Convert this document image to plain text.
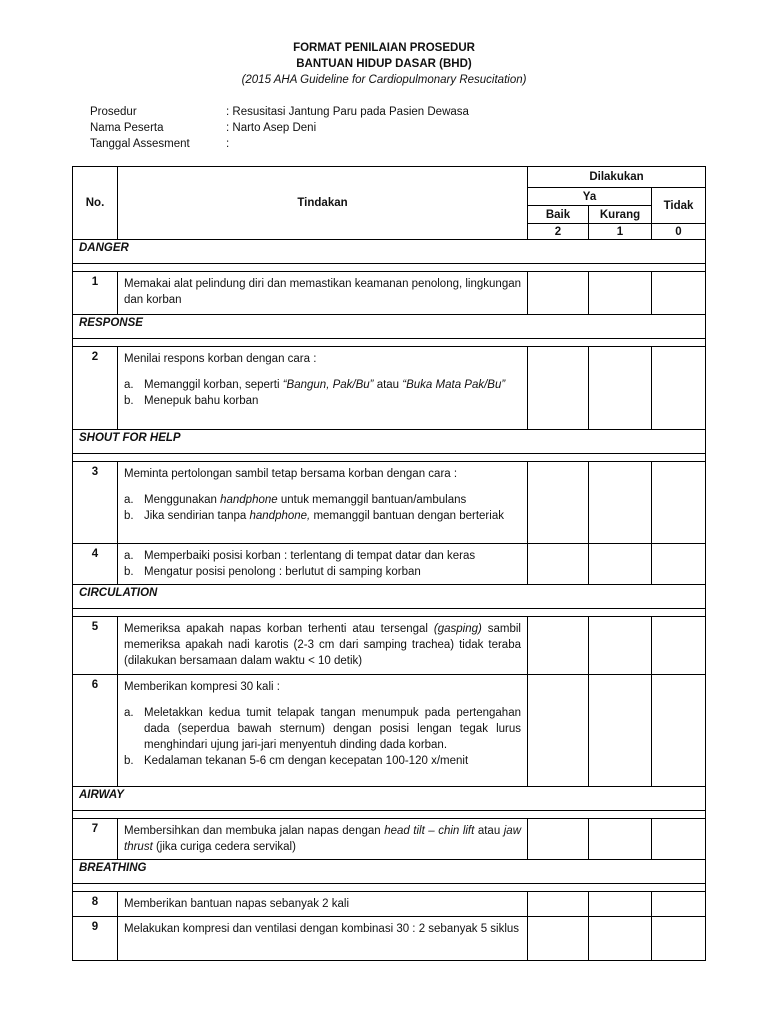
FORMAT PENILAIAN PROSEDUR
BANTUAN HIDUP DASAR (BHD)
(2015 AHA Guideline for Cardiopulmonary Resucitation)
Prosedur	: Resusitasi Jantung Paru pada Pasien Dewasa
Nama Peserta	: Narto Asep Deni
Tanggal Assesment	:
No.	Tindakan	Dilakukan		
		Ya		Tidak
		Baik	Kurang	
		2	1	0
DANGER				

1	Memakai alat pelindung diri dan memastikan keamanan penolong, lingkungan dan korban			
RESPONSE				

2	Menilai respons korban dengan cara :
a. Memanggil korban, seperti “Bangun, Pak/Bu” atau “Buka Mata Pak/Bu”
b. Menepuk bahu korban			

SHOUT FOR HELP				

3	Meminta pertolongan sambil tetap bersama korban dengan cara :
a. Menggunakan handphone untuk memanggil bantuan/ambulans
b. Jika sendirian tanpa handphone, memanggil bantuan dengan berteriak			

4	a. Memperbaiki posisi korban : terlentang di tempat datar dan keras
b. Mengatur posisi penolong : berlutut di samping korban			

CIRCULATION				

5	Memeriksa apakah napas korban terhenti atau tersengal (gasping) sambil memeriksa apakah nadi karotis (2-3 cm dari samping trachea) tidak teraba (dilakukan bersamaan dalam waktu < 10 detik)			
6	Memberikan kompresi 30 kali :
a. Meletakkan kedua tumit telapak tangan menumpuk pada pertengahan dada (seperdua bawah sternum) dengan posisi lengan tegak lurus menghindari ujung jari-jari menyentuh dinding dada korban.
b. Kedalaman tekanan 5-6 cm dengan kecepatan 100-120 x/menit			

AIRWAY				

7	Membersihkan dan membuka jalan napas dengan head tilt – chin lift atau jaw thrust (jika curiga cedera servikal)			
BREATHING				

8	Memberikan bantuan napas sebanyak 2 kali			
9	Melakukan kompresi dan ventilasi dengan kombinasi 30 : 2 sebanyak 5 siklus			
